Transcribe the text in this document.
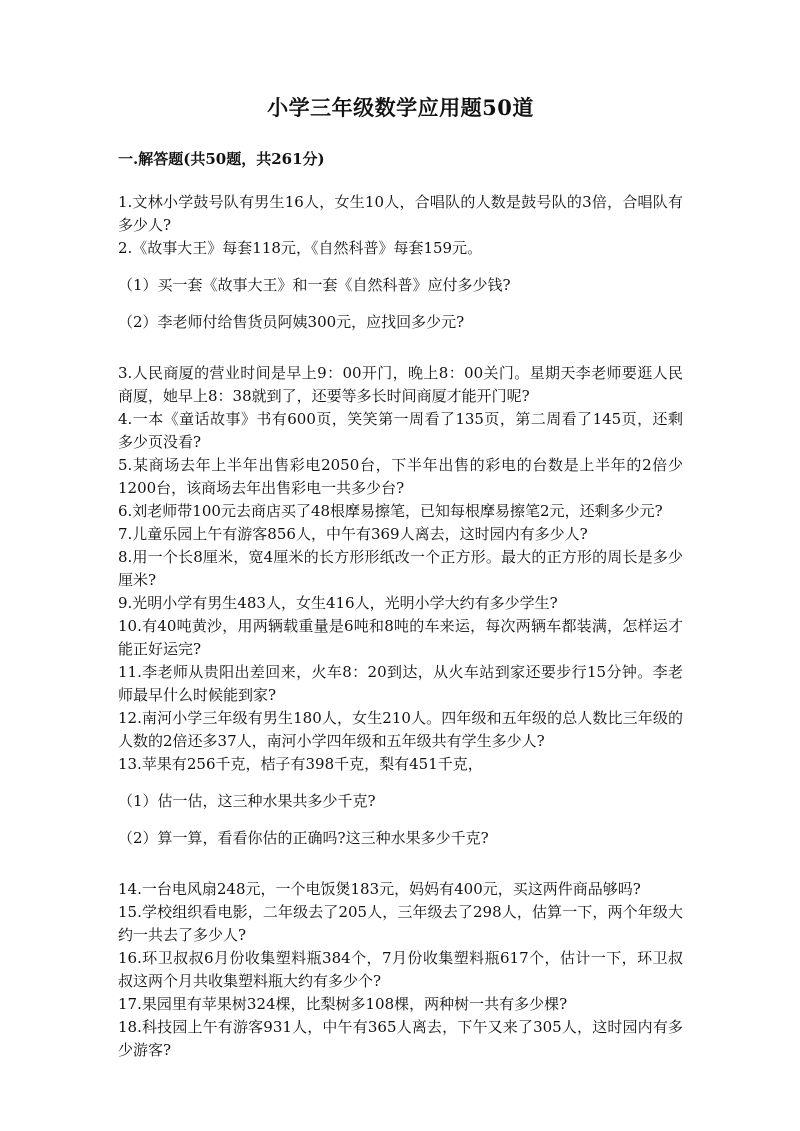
小学三年级数学应用题50道

一.解答题(共50题，共261分)

1.文林小学鼓号队有男生16人，女生10人，合唱队的人数是鼓号队的3倍，合唱队有多少人?

2.《故事大王》每套118元，《自然科普》每套159元。

（1）买一套《故事大王》和一套《自然科普》应付多少钱?

（2）李老师付给售货员阿姨300元，应找回多少元?

3.人民商厦的营业时间是早上9：00开门，晚上8：00关门。星期天李老师要逛人民商厦，她早上8：38就到了，还要等多长时间商厦才能开门呢?

4.一本《童话故事》书有600页，笑笑第一周看了135页，第二周看了145页，还剩多少页没看?

5.某商场去年上半年出售彩电2050台，下半年出售的彩电的台数是上半年的2倍少1200台，该商场去年出售彩电一共多少台?

6.刘老师带100元去商店买了48根摩易擦笔，已知每根摩易擦笔2元，还剩多少元?

7.儿童乐园上午有游客856人，中午有369人离去，这时园内有多少人?

8.用一个长8厘米，宽4厘米的长方形形纸改一个正方形。最大的正方形的周长是多少厘米?

9.光明小学有男生483人，女生416人，光明小学大约有多少学生?

10.有40吨黄沙，用两辆载重量是6吨和8吨的车来运，每次两辆车都装满，怎样运才能正好运完?

11.李老师从贵阳出差回来，火车8：20到达，从火车站到家还要步行15分钟。李老师最早什么时候能到家?

12.南河小学三年级有男生180人，女生210人。四年级和五年级的总人数比三年级的人数的2倍还多37人，南河小学四年级和五年级共有学生多少人?

13.苹果有256千克，桔子有398千克，梨有451千克，

（1）估一估，这三种水果共多少千克?

（2）算一算，看看你估的正确吗?这三种水果多少千克?

14.一台电风扇248元，一个电饭煲183元，妈妈有400元，买这两件商品够吗?

15.学校组织看电影，二年级去了205人，三年级去了298人，估算一下，两个年级大约一共去了多少人?

16.环卫叔叔6月份收集塑料瓶384个，7月份收集塑料瓶617个，估计一下，环卫叔叔这两个月共收集塑料瓶大约有多少个?

17.果园里有苹果树324棵，比梨树多108棵，两种树一共有多少棵?

18.科技园上午有游客931人，中午有365人离去，下午又来了305人，这时园内有多少游客?
